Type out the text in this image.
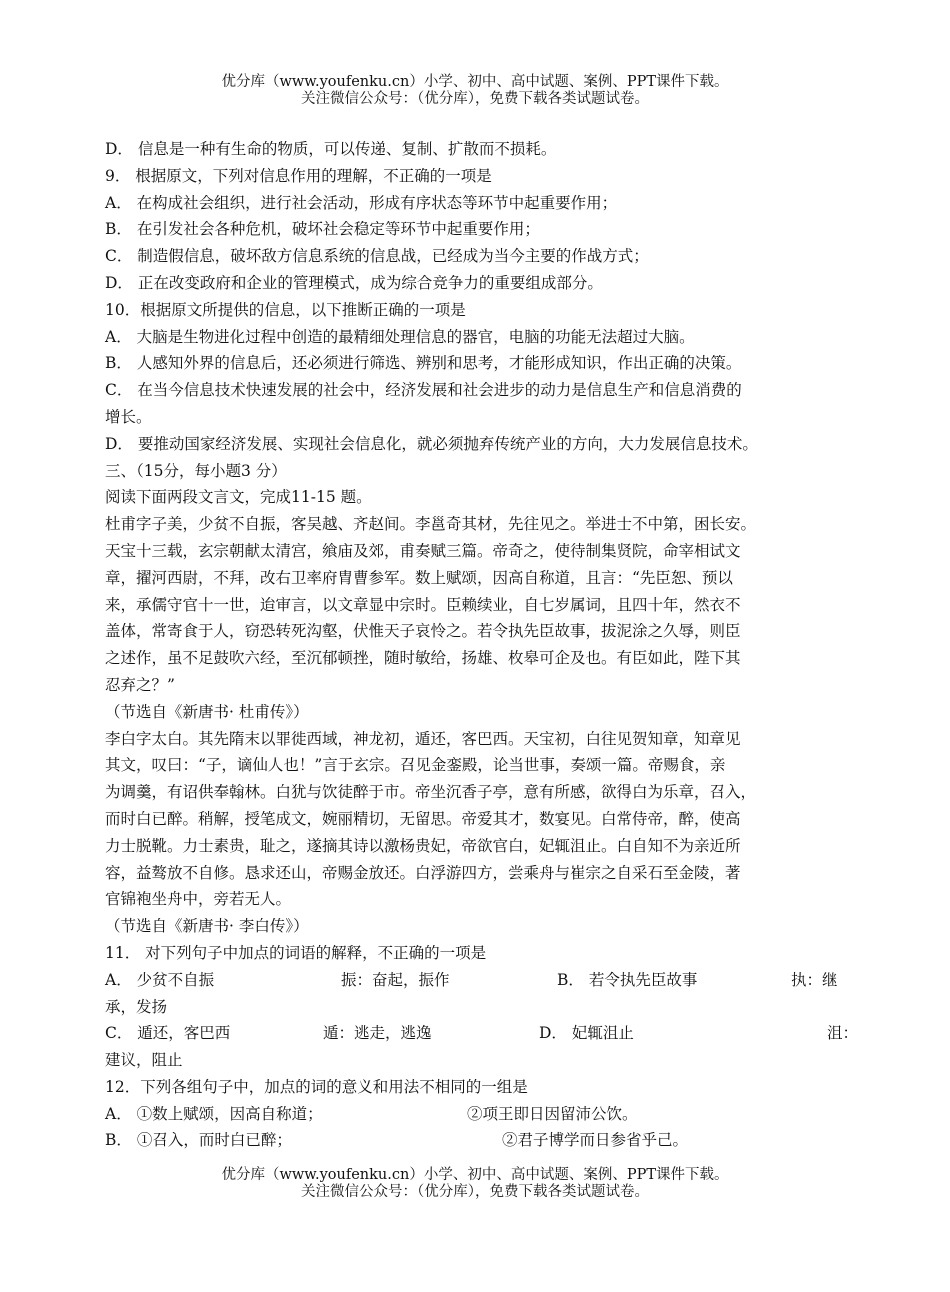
优分库（www.youfenku.cn）小学、初中、高中试题、案例、PPT课件下载。
关注微信公众号：（优分库），免费下载各类试题试卷。
D． 信息是一种有生命的物质，可以传递、复制、扩散而不损耗。
9． 根据原文，下列对信息作用的理解，不正确的一项是
A． 在构成社会组织，进行社会活动，形成有序状态等环节中起重要作用；
B． 在引发社会各种危机，破坏社会稳定等环节中起重要作用；
C． 制造假信息，破坏敌方信息系统的信息战，已经成为当今主要的作战方式；
D． 正在改变政府和企业的管理模式，成为综合竞争力的重要组成部分。
10．根据原文所提供的信息，以下推断正确的一项是
A． 大脑是生物进化过程中创造的最精细处理信息的器官，电脑的功能无法超过大脑。
B． 人感知外界的信息后，还必须进行筛选、辨别和思考，才能形成知识，作出正确的决策。
C． 在当今信息技术快速发展的社会中，经济发展和社会进步的动力是信息生产和信息消费的
增长。
D． 要推动国家经济发展、实现社会信息化，就必须抛弃传统产业的方向，大力发展信息技术。
三、（15分，每小题3 分）
阅读下面两段文言文，完成11-15 题。
杜甫字子美，少贫不自振，客吴越、齐赵间。李邕奇其材，先往见之。举进士不中第，困长安。
天宝十三载，玄宗朝献太清宫，飨庙及郊，甫奏赋三篇。帝奇之，使待制集贤院，命宰相试文
章，擢河西尉，不拜，改右卫率府胄曹参军。数上赋颂，因高自称道，且言：“先臣恕、预以
来，承儒守官十一世，迨审言，以文章显中宗时。臣赖续业，自七岁属词，且四十年，然衣不
盖体，常寄食于人，窃恐转死沟壑，伏惟天子哀怜之。若令执先臣故事，拔泥涂之久辱，则臣
之述作，虽不足鼓吹六经，至沉郁顿挫，随时敏给，扬雄、枚皋可企及也。有臣如此，陛下其
忍弃之？”
（节选自《新唐书· 杜甫传》）
李白字太白。其先隋末以罪徙西域，神龙初，遁还，客巴西。天宝初，白往见贺知章，知章见
其文，叹曰：“子，谪仙人也！”言于玄宗。召见金銮殿，论当世事，奏颂一篇。帝赐食，亲
为调羹，有诏供奉翰林。白犹与饮徒醉于市。帝坐沉香子亭，意有所感，欲得白为乐章，召入，
而时白已醉。稍解，授笔成文，婉丽精切，无留思。帝爱其才，数宴见。白常侍帝，醉，使高
力士脱靴。力士素贵，耻之，遂摘其诗以激杨贵妃，帝欲官白，妃辄沮止。白自知不为亲近所
容，益骜放不自修。恳求还山，帝赐金放还。白浮游四方，尝乘舟与崔宗之自采石至金陵，著
官锦袍坐舟中，旁若无人。
（节选自《新唐书· 李白传》）
11． 对下列句子中加点的词语的解释，不正确的一项是
A． 少贫不自振	振：奋起，振作	B． 若令执先臣故事	执：继
承，发扬
C． 遁还，客巴西	遁：逃走，逃逸	D． 妃辄沮止	沮：
建议，阻止
12．下列各组句子中，加点的词的意义和用法不相同的一组是
A． ①数上赋颂，因高自称道；	②项王即日因留沛公饮。
B． ①召入，而时白已醉；	②君子博学而日参省乎己。
优分库（www.youfenku.cn）小学、初中、高中试题、案例、PPT课件下载。
关注微信公众号：（优分库），免费下载各类试题试卷。
